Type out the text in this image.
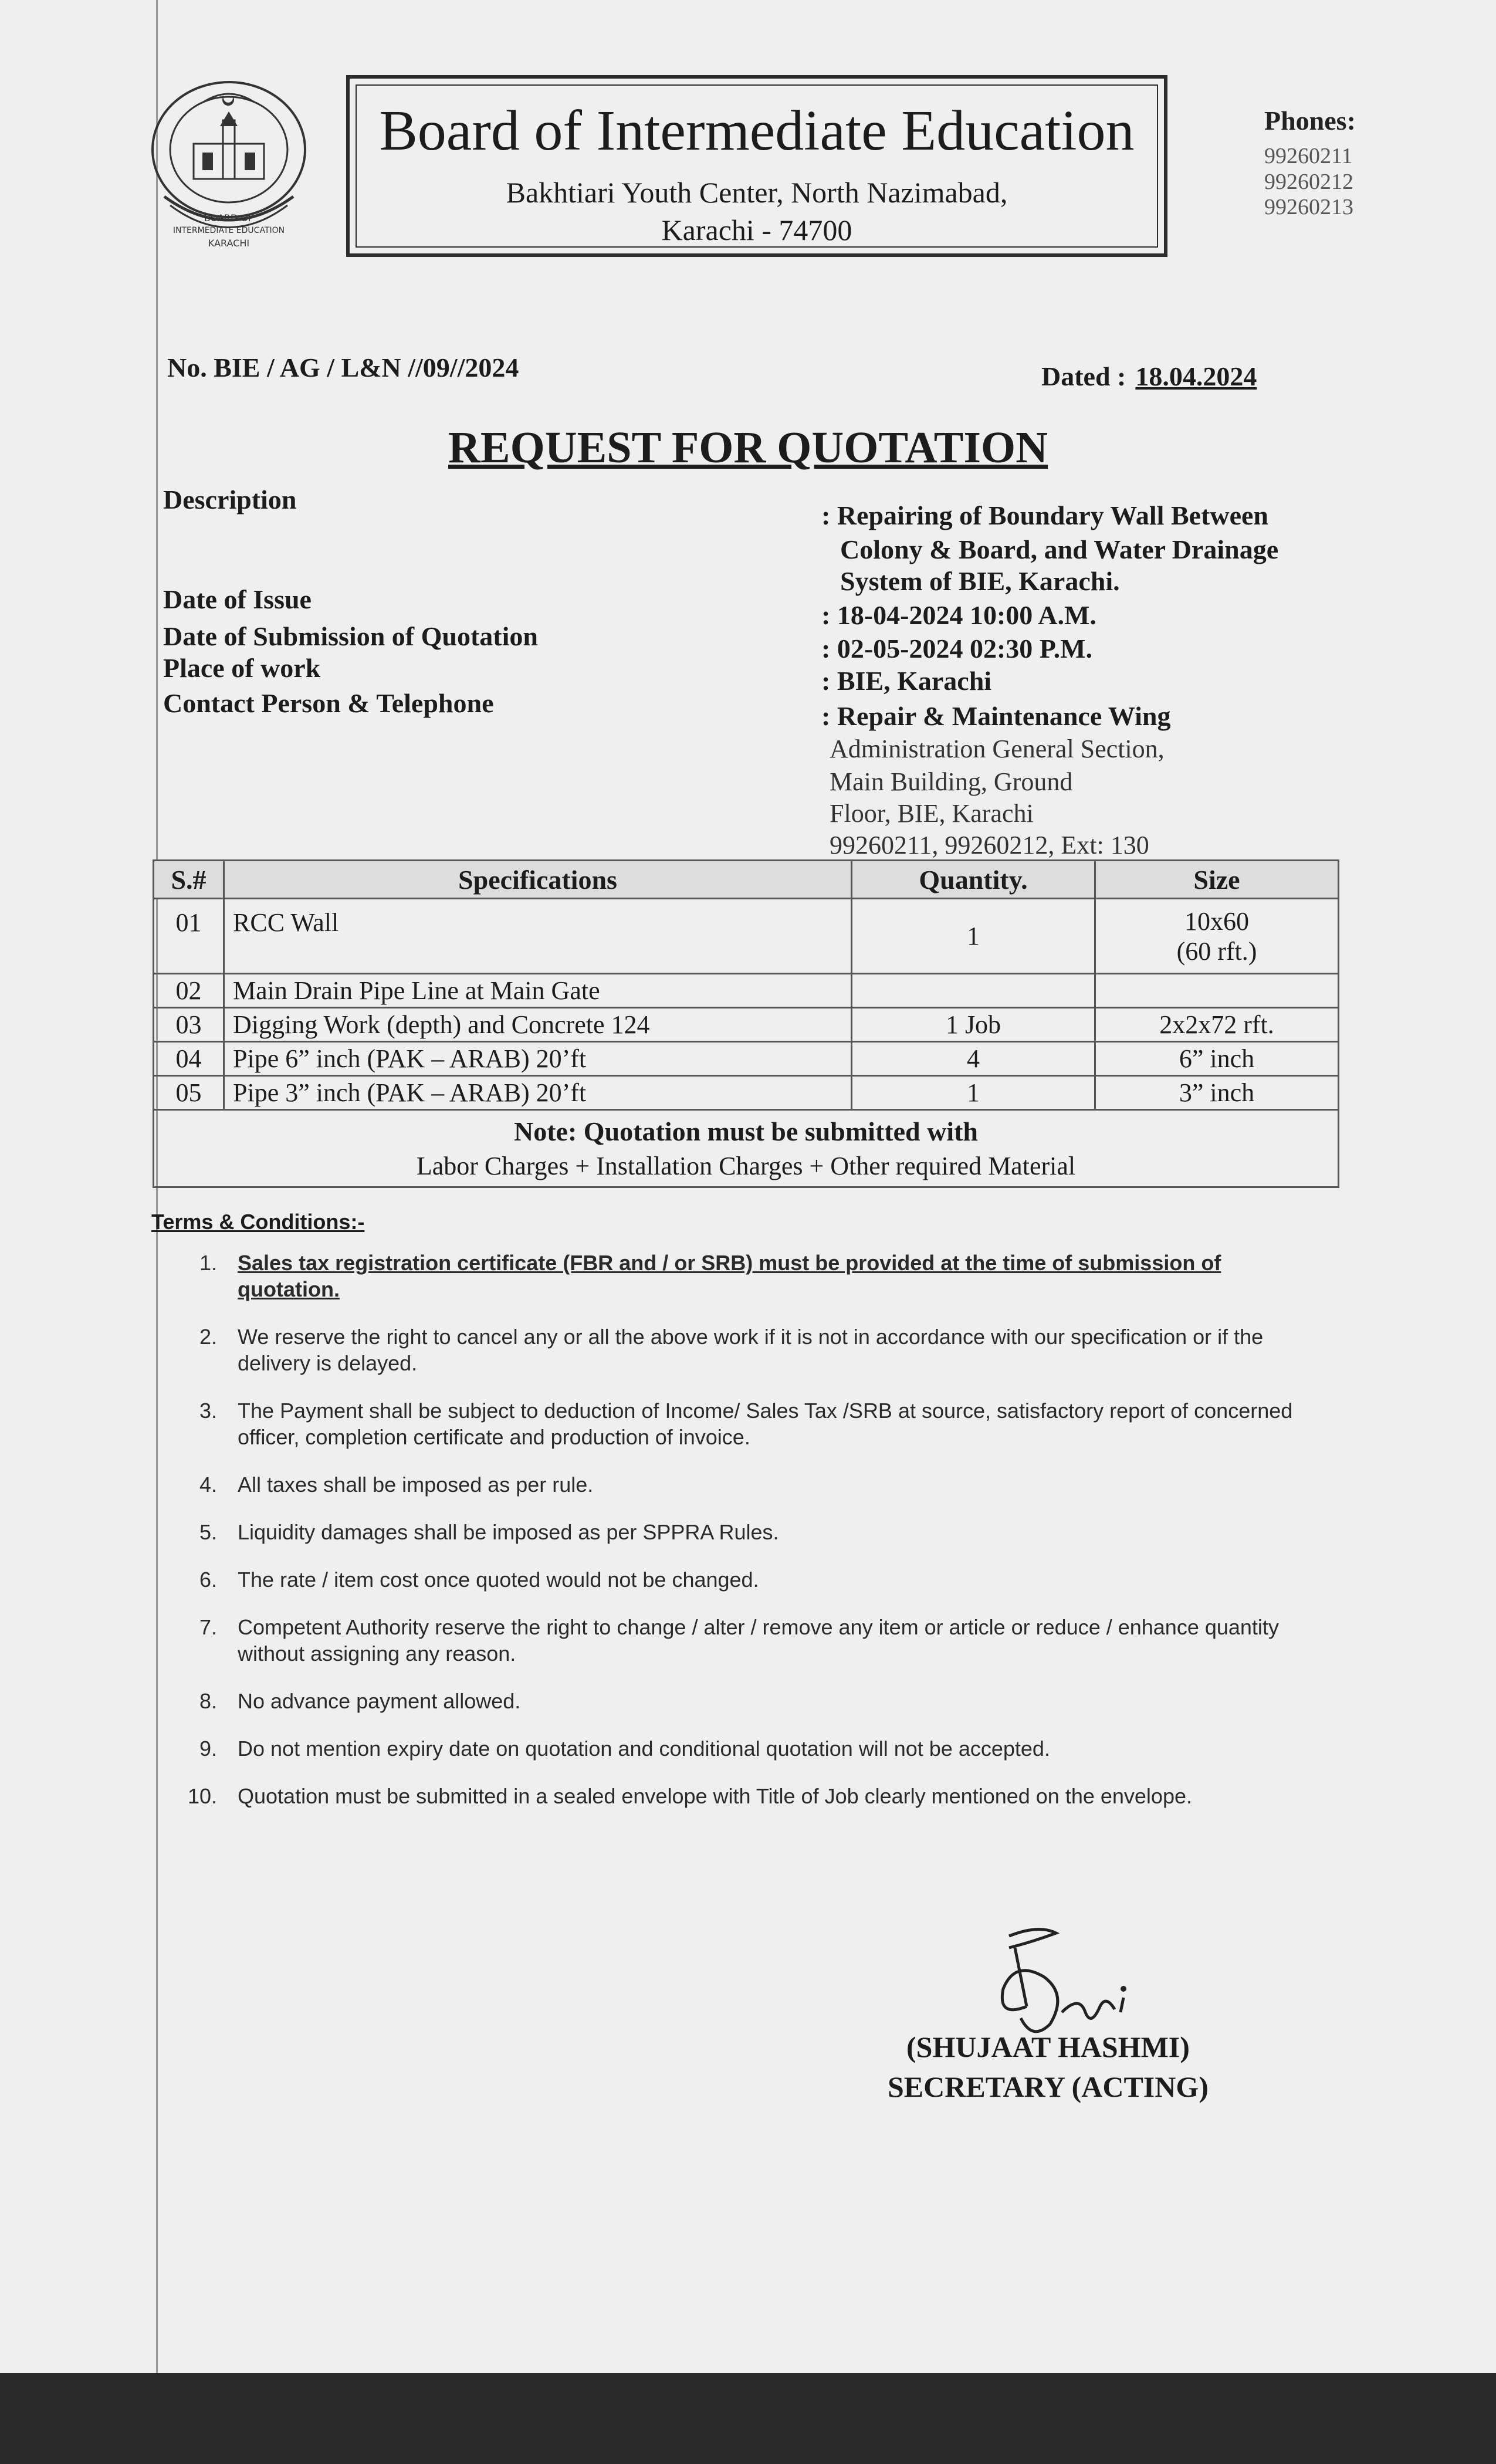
BOARD OF
INTERMEDIATE EDUCATION
KARACHI
Board of Intermediate Education
Bakhtiari Youth Center, North Nazimabad,
Karachi - 74700
Phones:
99260211
99260212
99260213
No. BIE / AG / L&N //09//2024	Dated : 18.04.2024
REQUEST FOR QUOTATION
Description
: Repairing of Boundary Wall Between
Colony & Board, and Water Drainage
System of BIE, Karachi.
Date of Issue
: 18-04-2024 10:00 A.M.
Date of Submission of Quotation	: 02-05-2024 02:30 P.M.
Place of work	: BIE, Karachi
Contact Person & Telephone	: Repair & Maintenance Wing
Administration General Section,
Main Building, Ground
Floor, BIE, Karachi
99260211, 99260212, Ext: 130
S.#	Specifications	Quantity.	Size
01	RCC Wall	1	10x60
(60 rft.)

02	Main Drain Pipe Line at Main Gate		
03	Digging Work (depth) and Concrete 124	1 Job	2x2x72 rft.
04	Pipe 6” inch (PAK – ARAB) 20’ft	4	6” inch
05	Pipe 3” inch (PAK – ARAB) 20’ft	1	3” inch

Note: Quotation must be submitted with
Labor Charges + Installation Charges + Other required Material			
Terms & Conditions:-
1. Sales tax registration certificate (FBR and / or SRB) must be provided at the time of submission of quotation.
2. We reserve the right to cancel any or all the above work if it is not in accordance with our specification or if the delivery is delayed.
3. The Payment shall be subject to deduction of Income/ Sales Tax /SRB at source, satisfactory report of concerned officer, completion certificate and production of invoice.
4. All taxes shall be imposed as per rule.
5. Liquidity damages shall be imposed as per SPPRA Rules.
6. The rate / item cost once quoted would not be changed.
7. Competent Authority reserve the right to change / alter / remove any item or article or reduce / enhance quantity without assigning any reason.
8. No advance payment allowed.
9. Do not mention expiry date on quotation and conditional quotation will not be accepted.
10. Quotation must be submitted in a sealed envelope with Title of Job clearly mentioned on the envelope.
(SHUJAAT HASHMI)
SECRETARY (ACTING)
